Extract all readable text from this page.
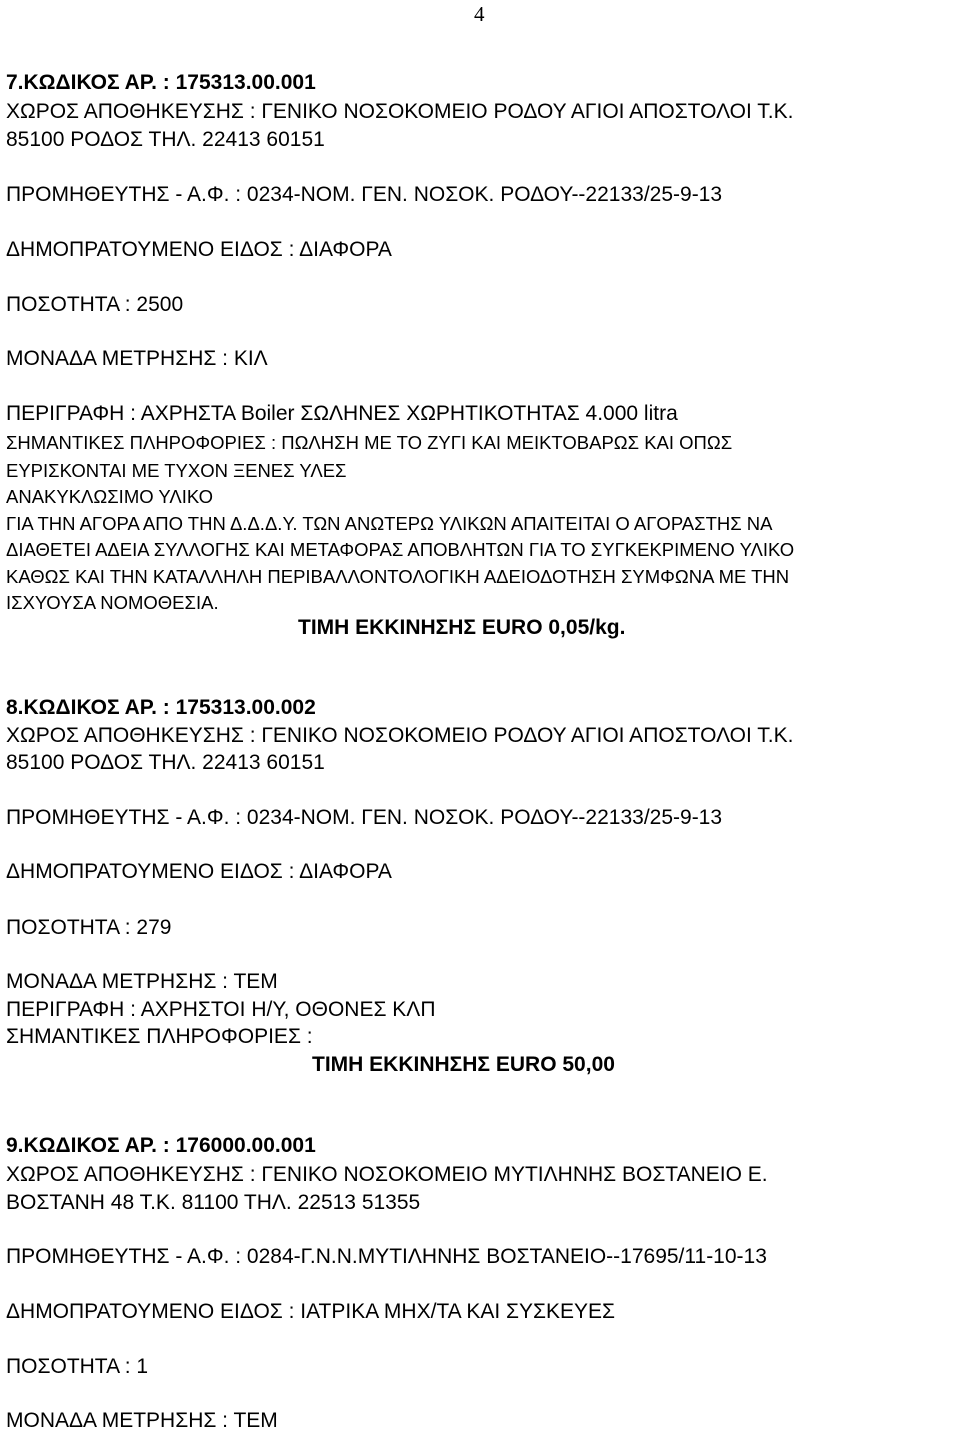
4
7.ΚΩΔΙΚΟΣ ΑΡ. : 175313.00.001
ΧΩΡΟΣ ΑΠΟΘΗΚΕΥΣΗΣ : ΓΕΝΙΚΟ ΝΟΣΟΚΟΜΕΙΟ ΡΟΔΟΥ ΑΓΙΟΙ ΑΠΟΣΤΟΛΟΙ Τ.Κ.
85100 ΡΟΔΟΣ ΤΗΛ. 22413 60151
ΠΡΟΜΗΘΕΥΤΗΣ - Α.Φ. : 0234-ΝΟΜ. ΓΕΝ. ΝΟΣΟΚ. ΡΟΔΟΥ--22133/25-9-13
ΔΗΜΟΠΡΑΤΟΥΜΕΝΟ ΕΙΔΟΣ : ΔΙΑΦΟΡΑ
ΠΟΣΟΤΗΤΑ : 2500
ΜΟΝΑΔΑ ΜΕΤΡΗΣΗΣ : ΚΙΛ
ΠΕΡΙΓΡΑΦΗ : ΑΧΡΗΣΤΑ Boiler ΣΩΛΗΝΕΣ ΧΩΡΗΤΙΚΟΤΗΤΑΣ 4.000 litra
ΣΗΜΑΝΤΙΚΕΣ ΠΛΗΡΟΦΟΡΙΕΣ : ΠΩΛΗΣΗ ΜΕ ΤΟ ΖΥΓΙ ΚΑΙ ΜΕΙΚΤΟΒΑΡΩΣ ΚΑΙ ΟΠΩΣ
ΕΥΡΙΣΚΟΝΤΑΙ ΜΕ ΤΥΧΟΝ ΞΕΝΕΣ ΥΛΕΣ
ΑΝΑΚΥΚΛΩΣΙΜΟ ΥΛΙΚΟ
ΓΙΑ ΤΗΝ ΑΓΟΡΑ ΑΠΟ ΤΗΝ Δ.Δ.Δ.Υ. ΤΩΝ ΑΝΩΤΕΡΩ ΥΛΙΚΩΝ ΑΠΑΙΤΕΙΤΑΙ Ο ΑΓΟΡΑΣΤΗΣ ΝΑ
ΔΙΑΘΕΤΕΙ ΑΔΕΙΑ ΣΥΛΛΟΓΗΣ ΚΑΙ ΜΕΤΑΦΟΡΑΣ ΑΠΟΒΛΗΤΩΝ ΓΙΑ ΤΟ ΣΥΓΚΕΚΡΙΜΕΝΟ ΥΛΙΚΟ
ΚΑΘΩΣ ΚΑΙ ΤΗΝ ΚΑΤΑΛΛΗΛΗ ΠΕΡΙΒΑΛΛΟΝΤΟΛΟΓΙΚΗ ΑΔΕΙΟΔΟΤΗΣΗ ΣΥΜΦΩΝΑ ΜΕ ΤΗΝ
ΙΣΧΥΟΥΣΑ ΝΟΜΟΘΕΣΙΑ.
ΤΙΜΗ ΕΚΚΙΝΗΣΗΣ EURO 0,05/kg.
8.ΚΩΔΙΚΟΣ ΑΡ. : 175313.00.002
ΧΩΡΟΣ ΑΠΟΘΗΚΕΥΣΗΣ : ΓΕΝΙΚΟ ΝΟΣΟΚΟΜΕΙΟ ΡΟΔΟΥ ΑΓΙΟΙ ΑΠΟΣΤΟΛΟΙ Τ.Κ.
85100 ΡΟΔΟΣ ΤΗΛ. 22413 60151
ΠΡΟΜΗΘΕΥΤΗΣ - Α.Φ. : 0234-ΝΟΜ. ΓΕΝ. ΝΟΣΟΚ. ΡΟΔΟΥ--22133/25-9-13
ΔΗΜΟΠΡΑΤΟΥΜΕΝΟ ΕΙΔΟΣ : ΔΙΑΦΟΡΑ
ΠΟΣΟΤΗΤΑ : 279
ΜΟΝΑΔΑ ΜΕΤΡΗΣΗΣ : ΤΕΜ
ΠΕΡΙΓΡΑΦΗ : ΑΧΡΗΣΤΟΙ Η/Υ, ΟΘΟΝΕΣ ΚΛΠ
ΣΗΜΑΝΤΙΚΕΣ ΠΛΗΡΟΦΟΡΙΕΣ :
ΤΙΜΗ ΕΚΚΙΝΗΣΗΣ EURO 50,00
9.ΚΩΔΙΚΟΣ ΑΡ. : 176000.00.001
ΧΩΡΟΣ ΑΠΟΘΗΚΕΥΣΗΣ : ΓΕΝΙΚΟ ΝΟΣΟΚΟΜΕΙΟ ΜΥΤΙΛΗΝΗΣ ΒΟΣΤΑΝΕΙΟ Ε.
ΒΟΣΤΑΝΗ 48 Τ.Κ. 81100 ΤΗΛ. 22513 51355
ΠΡΟΜΗΘΕΥΤΗΣ - Α.Φ. : 0284-Γ.Ν.Ν.ΜΥΤΙΛΗΝΗΣ ΒΟΣΤΑΝΕΙΟ--17695/11-10-13
ΔΗΜΟΠΡΑΤΟΥΜΕΝΟ ΕΙΔΟΣ : ΙΑΤΡΙΚΑ ΜΗΧ/ΤΑ ΚΑΙ ΣΥΣΚΕΥΕΣ
ΠΟΣΟΤΗΤΑ : 1
ΜΟΝΑΔΑ ΜΕΤΡΗΣΗΣ : ΤΕΜ
